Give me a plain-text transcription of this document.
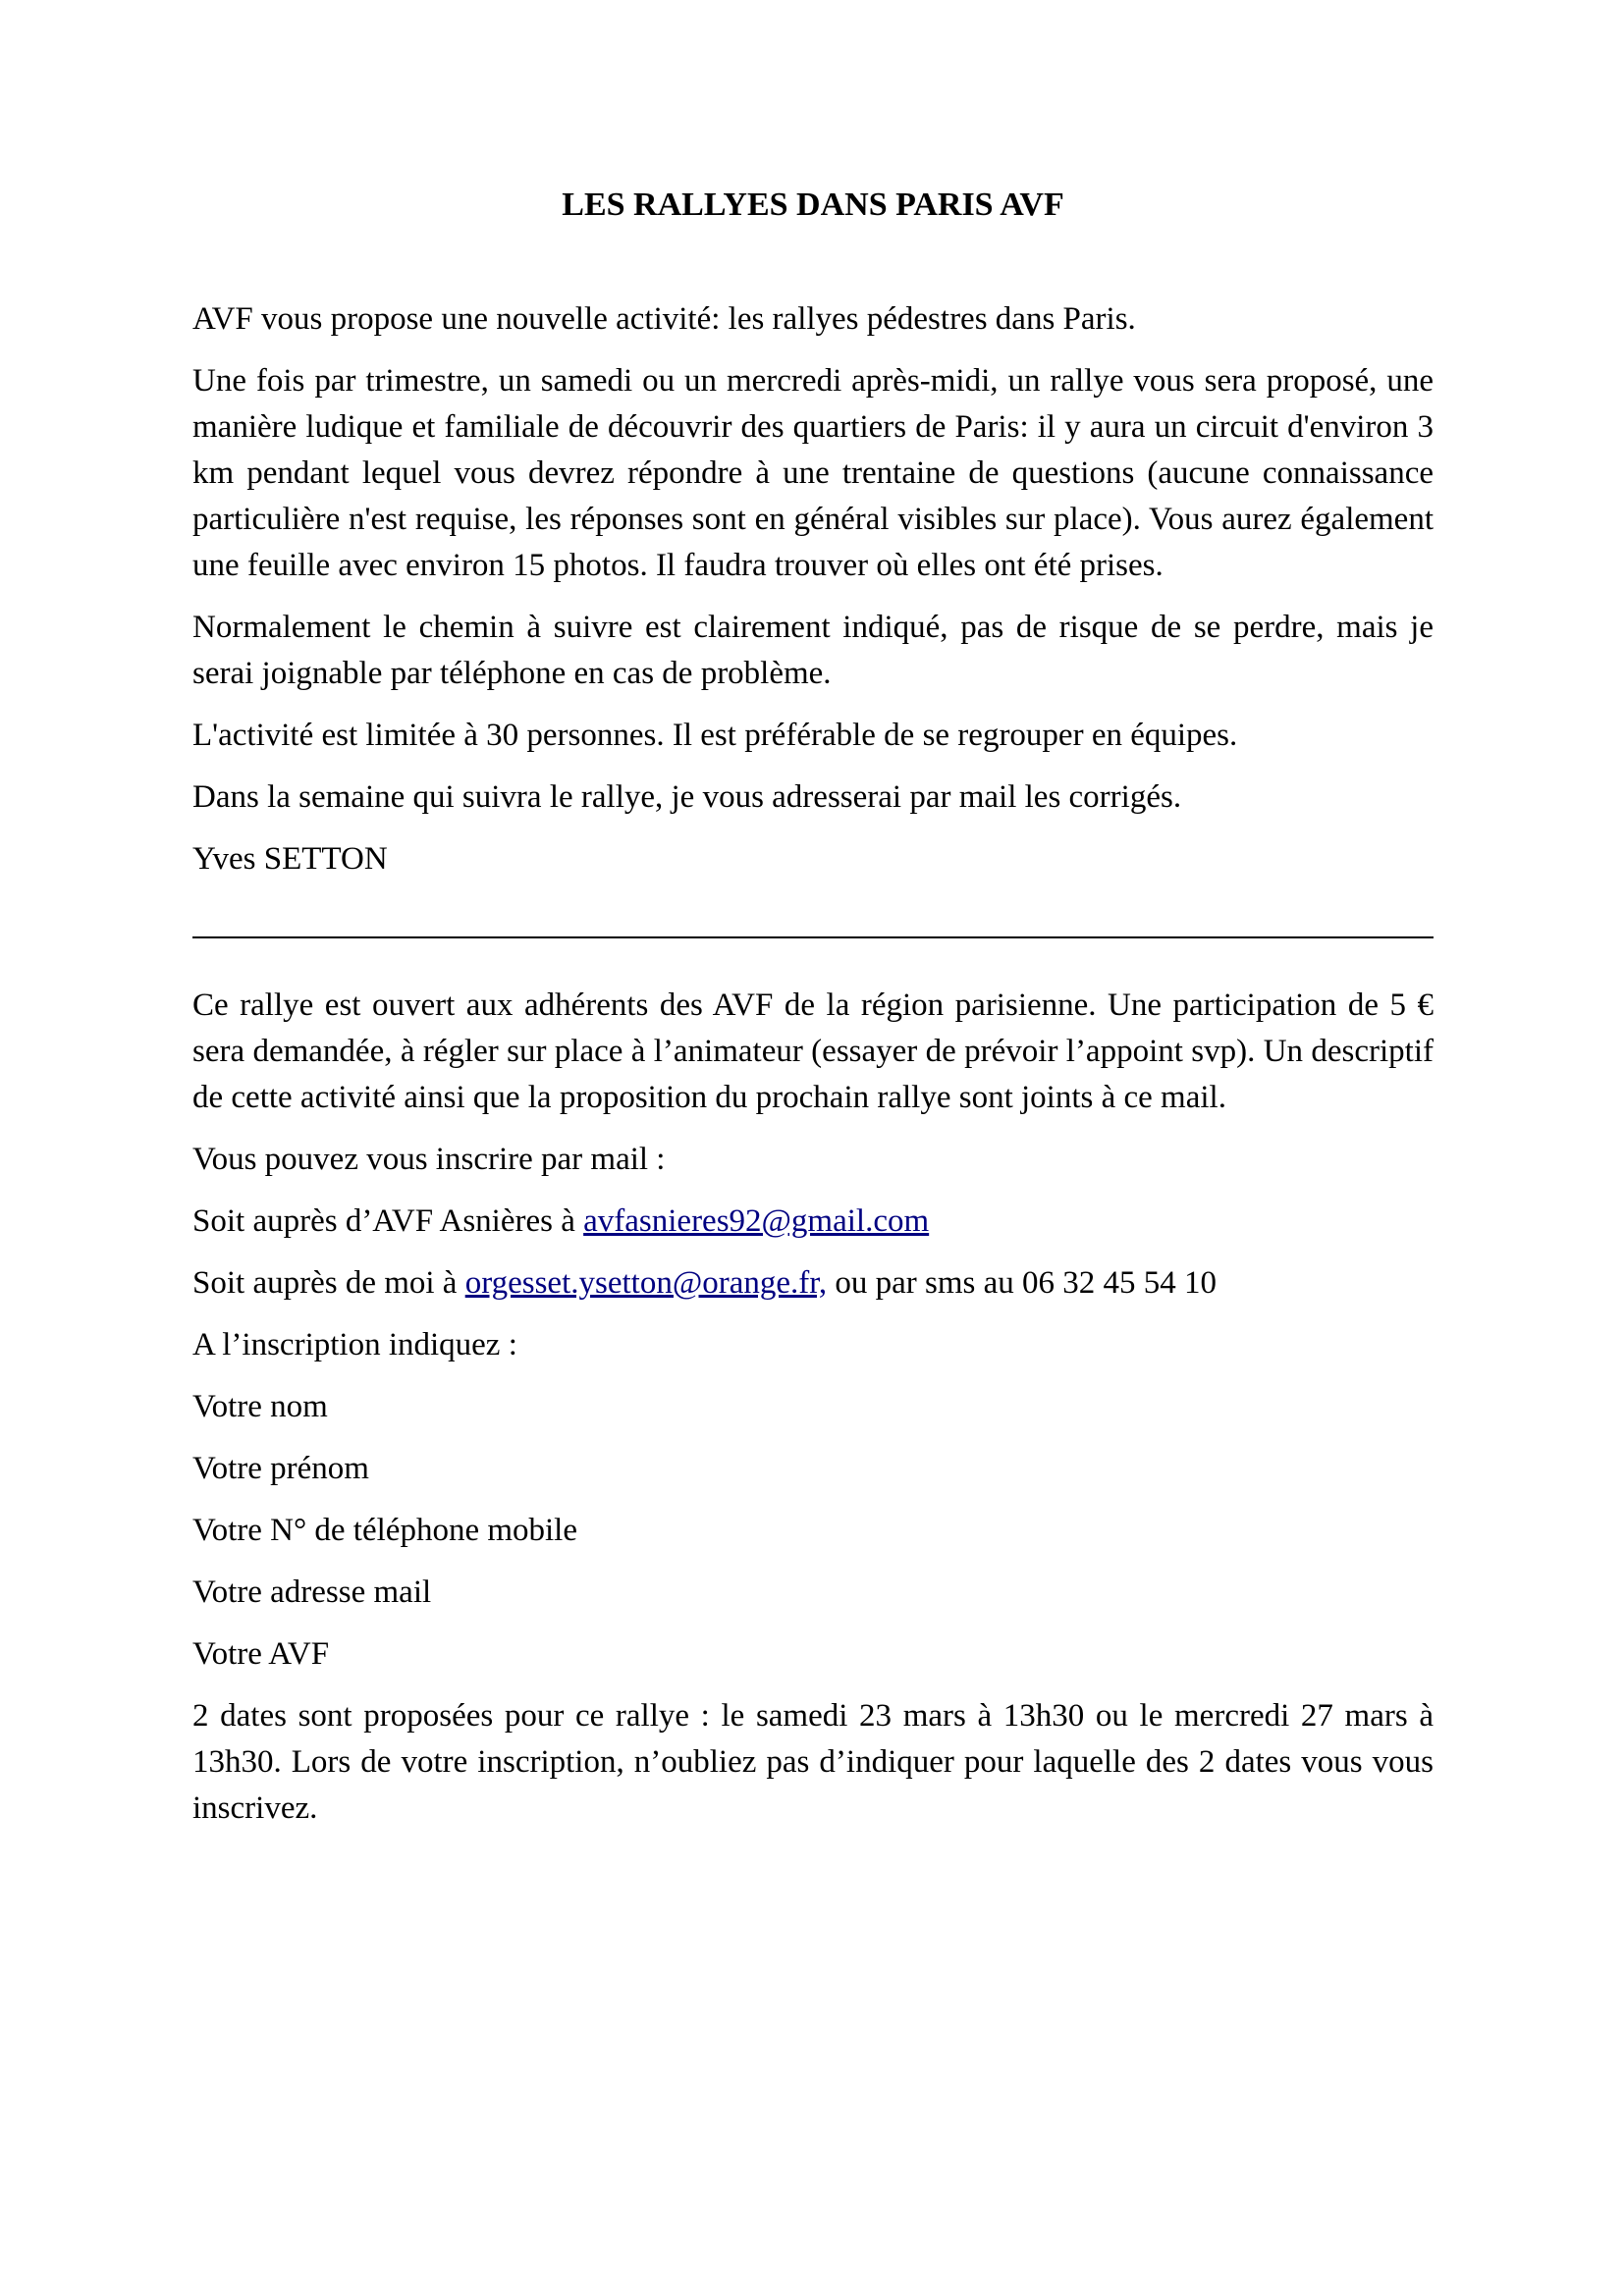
LES RALLYES DANS PARIS AVF

AVF vous propose une nouvelle activité: les rallyes pédestres dans Paris.

Une fois par trimestre, un samedi ou un mercredi après-midi, un rallye vous sera proposé, une manière ludique et familiale de découvrir des quartiers de Paris: il y aura un circuit d'environ 3 km pendant lequel vous devrez répondre à une trentaine de questions (aucune connaissance particulière n'est requise, les réponses sont en général visibles sur place). Vous aurez également une feuille avec environ 15 photos. Il faudra trouver où elles ont été prises.

Normalement le chemin à suivre est clairement indiqué, pas de risque de se perdre, mais je serai joignable par téléphone en cas de problème.

L'activité est limitée à 30 personnes. Il est préférable de se regrouper en équipes.

Dans la semaine qui suivra le rallye, je vous adresserai par mail les corrigés.

Yves SETTON

Ce rallye est ouvert aux adhérents des AVF de la région parisienne. Une participation de 5 € sera demandée, à régler sur place à l’animateur (essayer de prévoir l’appoint svp). Un descriptif de cette activité ainsi que la proposition du prochain rallye sont joints à ce mail.

Vous pouvez vous inscrire par mail :

Soit auprès d’AVF Asnières à avfasnieres92@gmail.com

Soit auprès de moi à orgesset.ysetton@orange.fr, ou par sms au 06 32 45 54 10

A l’inscription indiquez :

Votre nom

Votre prénom

Votre N° de téléphone mobile

Votre adresse mail

Votre AVF

2 dates sont proposées pour ce rallye : le samedi 23 mars à 13h30 ou le mercredi 27 mars à 13h30. Lors de votre inscription, n’oubliez pas d’indiquer pour laquelle des 2 dates vous vous inscrivez.
